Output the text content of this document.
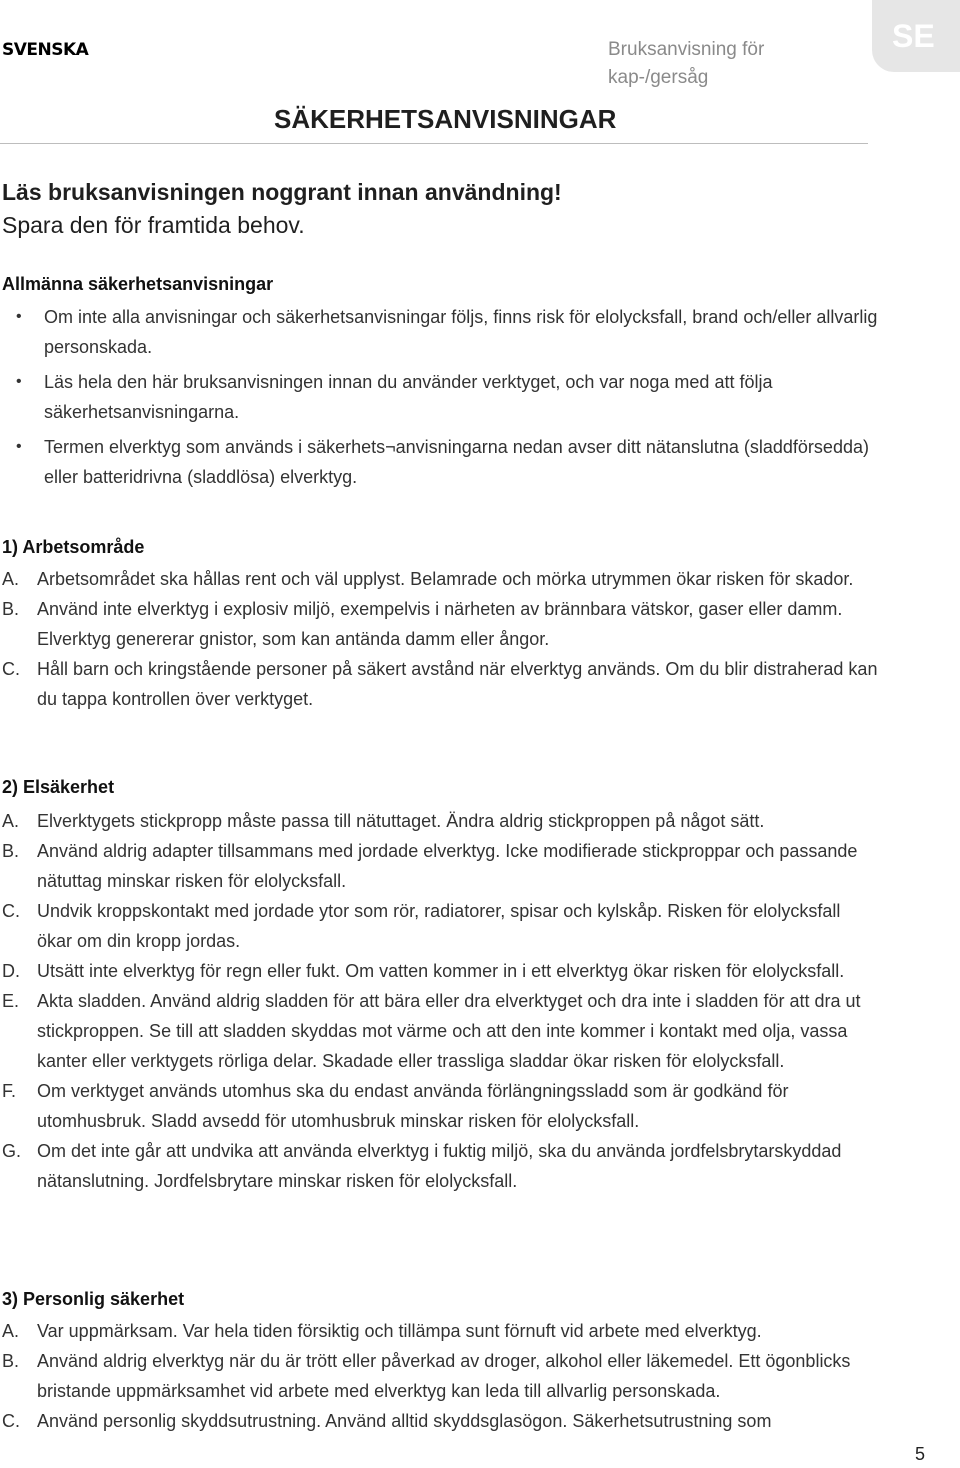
SVENSKA	Bruksanvisning för
kap-/gersåg
SE
SÄKERHETSANVISNINGAR
Läs bruksanvisningen noggrant innan användning!
Spara den för framtida behov.
Allmänna säkerhetsanvisningar
• Om inte alla anvisningar och säkerhetsanvisningar följs, finns risk för elolycksfall, brand och/eller allvarlig personskada.
• Läs hela den här bruksanvisningen innan du använder verktyget, och var noga med att följa säkerhetsanvisningarna.
• Termen elverktyg som används i säkerhets¬anvisningarna nedan avser ditt nätanslutna (sladdförsedda) eller batteridrivna (sladdlösa) elverktyg.
1) Arbetsområde
A. Arbetsområdet ska hållas rent och väl upplyst. Belamrade och mörka utrymmen ökar risken för skador.
B. Använd inte elverktyg i explosiv miljö, exempelvis i närheten av brännbara vätskor, gaser eller damm. Elverktyg genererar gnistor, som kan antända damm eller ångor.
C. Håll barn och kringstående personer på säkert avstånd när elverktyg används. Om du blir distraherad kan du tappa kontrollen över verktyget.
2) Elsäkerhet
A. Elverktygets stickpropp måste passa till nätuttaget. Ändra aldrig stickproppen på något sätt.
B. Använd aldrig adapter tillsammans med jordade elverktyg. Icke modifierade stickproppar och passande nätuttag minskar risken för elolycksfall.
C. Undvik kroppskontakt med jordade ytor som rör, radiatorer, spisar och kylskåp. Risken för elolycksfall ökar om din kropp jordas.
D. Utsätt inte elverktyg för regn eller fukt. Om vatten kommer in i ett elverktyg ökar risken för elolycksfall.
E. Akta sladden. Använd aldrig sladden för att bära eller dra elverktyget och dra inte i sladden för att dra ut stickproppen. Se till att sladden skyddas mot värme och att den inte kommer i kontakt med olja, vassa kanter eller verktygets rörliga delar. Skadade eller trassliga sladdar ökar risken för elolycksfall.
F. Om verktyget används utomhus ska du endast använda förlängningssladd som är godkänd för utomhusbruk. Sladd avsedd för utomhusbruk minskar risken för elolycksfall.
G. Om det inte går att undvika att använda elverktyg i fuktig miljö, ska du använda jordfelsbrytarskyddad nätanslutning. Jordfelsbrytare minskar risken för elolycksfall.
3) Personlig säkerhet
A. Var uppmärksam. Var hela tiden försiktig och tillämpa sunt förnuft vid arbete med elverktyg.
B. Använd aldrig elverktyg när du är trött eller påverkad av droger, alkohol eller läkemedel. Ett ögonblicks bristande uppmärksamhet vid arbete med elverktyg kan leda till allvarlig personskada.
C. Använd personlig skyddsutrustning. Använd alltid skyddsglasögon. Säkerhetsutrustning som
5
